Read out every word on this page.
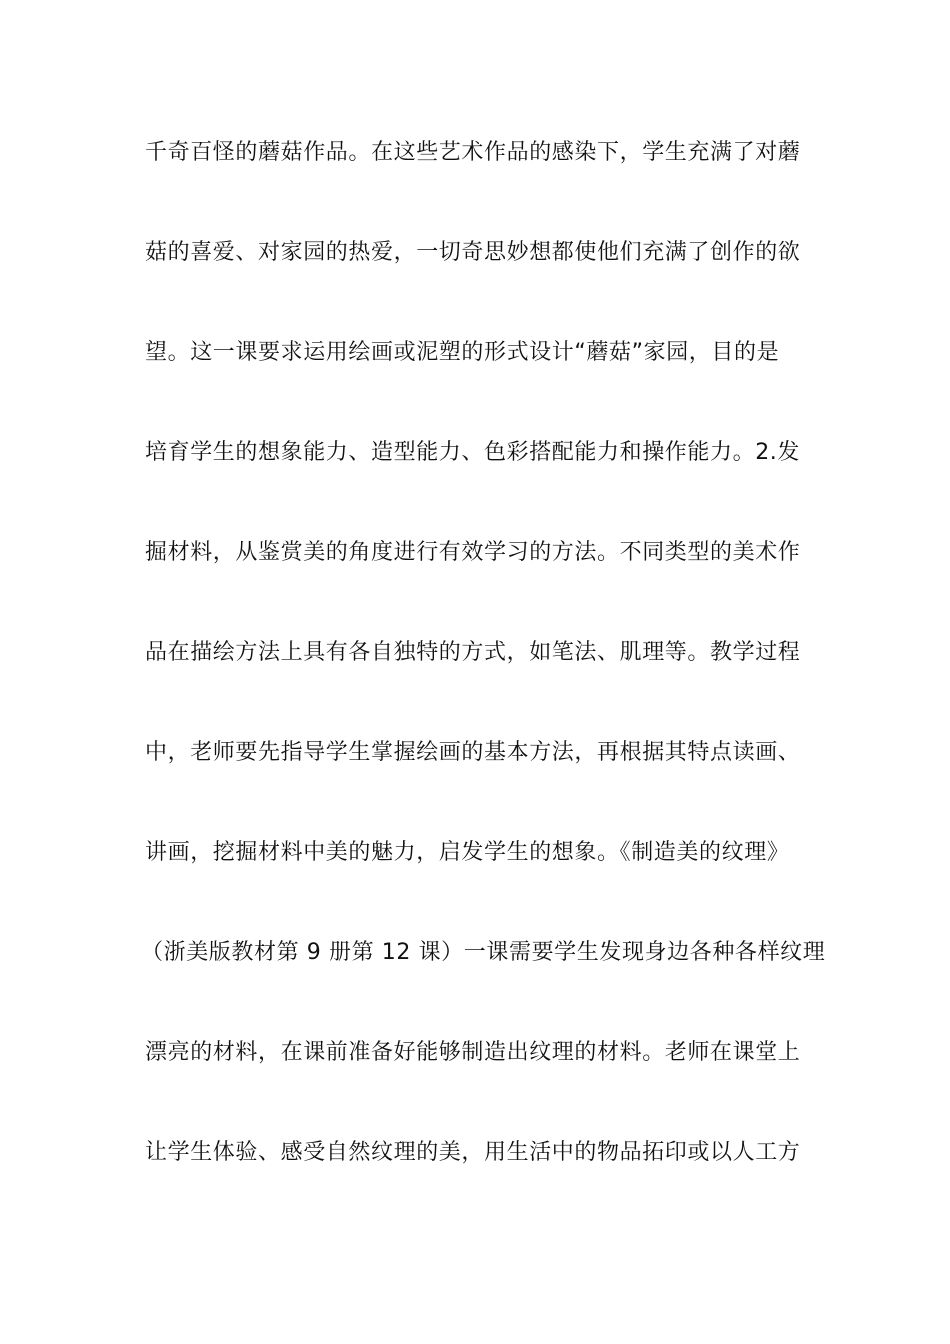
千奇百怪的蘑菇作品。在这些艺术作品的感染下，学生充满了对蘑
菇的喜爱、对家园的热爱，一切奇思妙想都使他们充满了创作的欲
望。这一课要求运用绘画或泥塑的形式设计“蘑菇”家园，目的是
培育学生的想象能力、造型能力、色彩搭配能力和操作能力。2.发
掘材料，从鉴赏美的角度进行有效学习的方法。不同类型的美术作
品在描绘方法上具有各自独特的方式，如笔法、肌理等。教学过程
中，老师要先指导学生掌握绘画的基本方法，再根据其特点读画、
讲画，挖掘材料中美的魅力，启发学生的想象。《制造美的纹理》
（浙美版教材第 9 册第 12 课）一课需要学生发现身边各种各样纹理
漂亮的材料，在课前准备好能够制造出纹理的材料。老师在课堂上
让学生体验、感受自然纹理的美，用生活中的物品拓印或以人工方
